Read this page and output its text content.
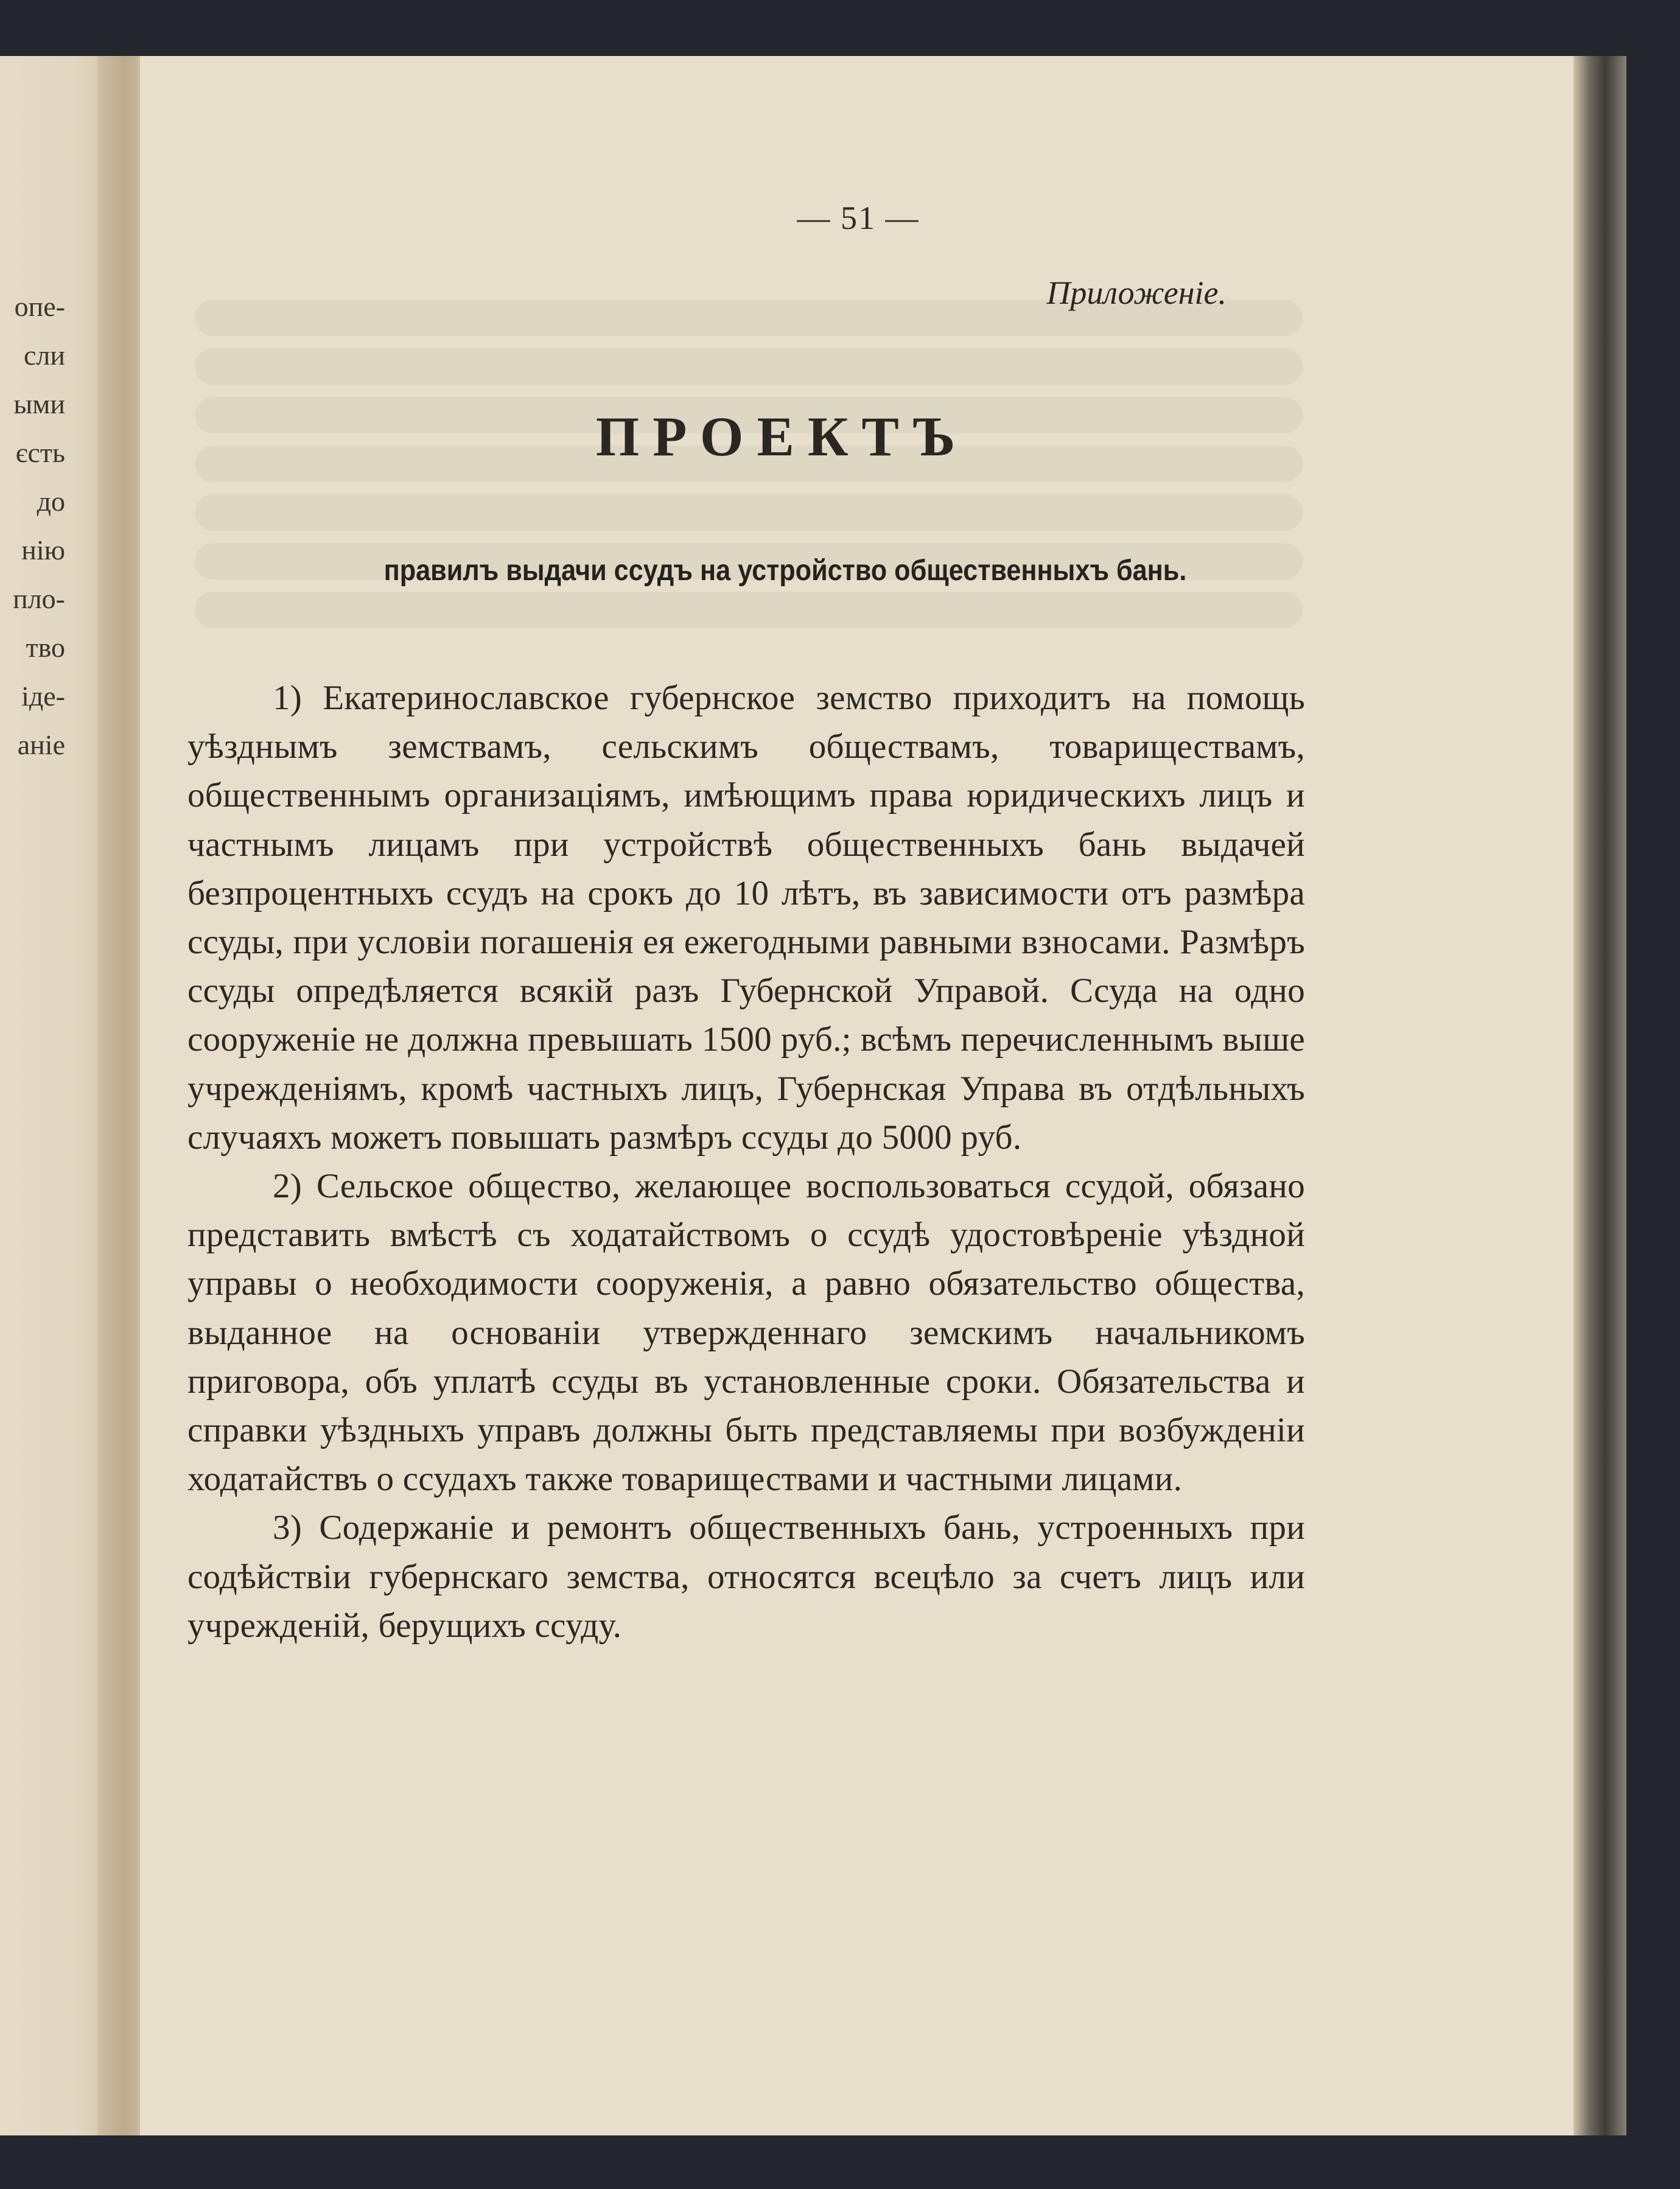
опе-
сли
ыми
єсть
до
нію
пло-
тво
іде-
аніе
— 51 —
Приложеніе.
ПРОЕКТЪ
правилъ выдачи ссудъ на устройство общественныхъ бань.

1) Екатеринославское губернское земство приходитъ на помощь уѣзднымъ земствамъ, сельскимъ обществамъ, товариществамъ, общественнымъ организаціямъ, имѣющимъ права юридическихъ лицъ и частнымъ лицамъ при устройствѣ общественныхъ бань выдачей безпроцентныхъ ссудъ на срокъ до 10 лѣтъ, въ зависимости отъ размѣра ссуды, при условіи погашенія ея ежегодными равными взносами. Размѣръ ссуды опредѣляется всякій разъ Губернской Управой. Ссуда на одно сооруженіе не должна превышать 1500 руб.; всѣмъ перечисленнымъ выше учрежденіямъ, кромѣ частныхъ лицъ, Губернская Управа въ отдѣльныхъ случаяхъ можетъ повышать размѣръ ссуды до 5000 руб.

2) Сельское общество, желающее воспользоваться ссудой, обязано представить вмѣстѣ съ ходатайствомъ о ссудѣ удостовѣреніе уѣздной управы о необходимости сооруженія, а равно обязательство общества, выданное на основаніи утвержденнаго земскимъ начальникомъ приговора, объ уплатѣ ссуды въ установленные сроки. Обязательства и справки уѣздныхъ управъ должны быть представляемы при возбужденіи ходатайствъ о ссудахъ также товариществами и частными лицами.

3) Содержаніе и ремонтъ общественныхъ бань, устроенныхъ при содѣйствіи губернскаго земства, относятся всецѣло за счетъ лицъ или учрежденій, берущихъ ссуду.
